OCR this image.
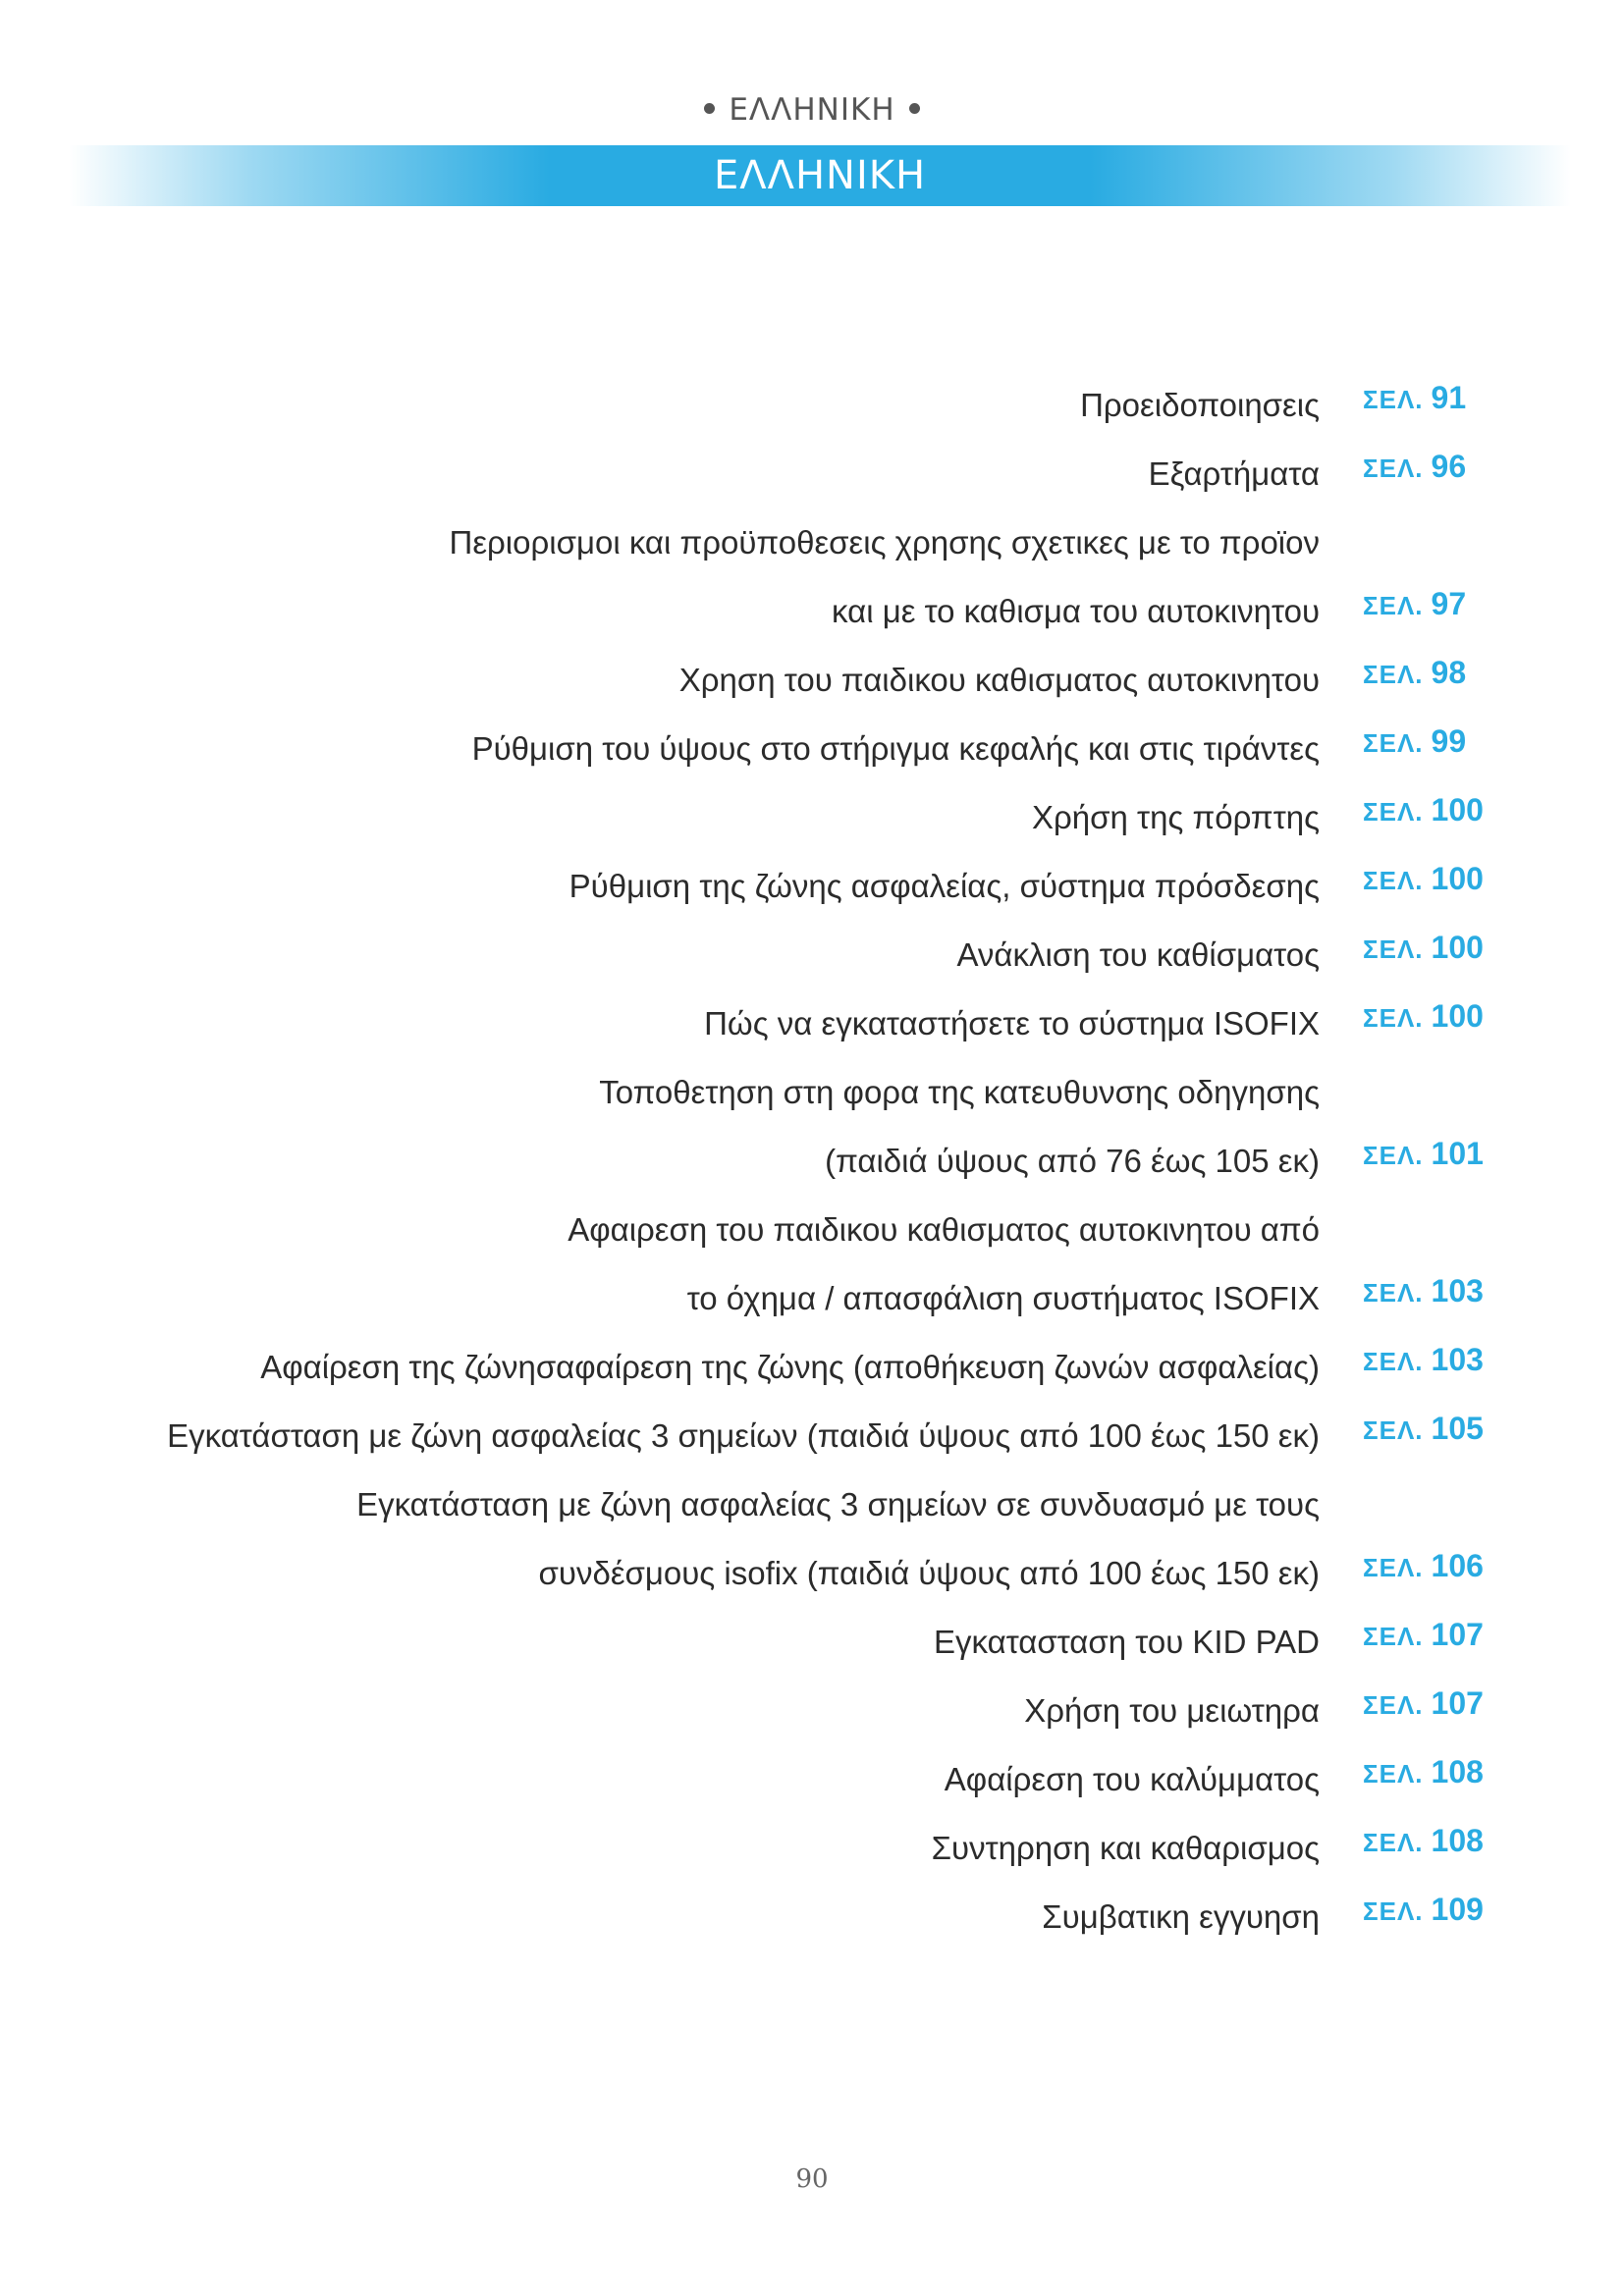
ΕΛΛΗΝΙΚΗ
ΕΛΛΗΝΙΚΗ
Προειδοποιησεις ΣΕΛ. 91
Εξαρτήματα ΣΕΛ. 96
Περιορισμοι και προϋποθεσεις χρησης σχετικες με το προϊον
και με το καθισμα του αυτοκινητου ΣΕΛ. 97
Χρηση του παιδικου καθισματος αυτοκινητου ΣΕΛ. 98
Ρύθμιση του ύψους στο στήριγμα κεφαλής και στις τιράντες ΣΕΛ. 99
Χρήση της πόρπτης ΣΕΛ. 100
Ρύθμιση της ζώνης ασφαλείας, σύστημα πρόσδεσης ΣΕΛ. 100
Ανάκλιση του καθίσματος ΣΕΛ. 100
Πώς να εγκαταστήσετε το σύστημα ISOFIX ΣΕΛ. 100
Τοποθετηση στη φορα της κατευθυνσης οδηγησης
(παιδιά ύψους από 76 έως 105 εκ) ΣΕΛ. 101
Αφαιρεση του παιδικου καθισματος αυτοκινητου από
το όχημα / απασφάλιση συστήματος ISOFIX ΣΕΛ. 103
Αφαίρεση της ζώνησαφαίρεση της ζώνης (αποθήκευση ζωνών ασφαλείας) ΣΕΛ. 103
Εγκατάσταση με ζώνη ασφαλείας 3 σημείων (παιδιά ύψους από 100 έως 150 εκ) ΣΕΛ. 105
Εγκατάσταση με ζώνη ασφαλείας 3 σημείων σε συνδυασμό με τους
συνδέσμους isofix (παιδιά ύψους από 100 έως 150 εκ) ΣΕΛ. 106
Εγκατασταση του KID PAD ΣΕΛ. 107
Χρήση του μειωτηρα ΣΕΛ. 107
Αφαίρεση του καλύμματος ΣΕΛ. 108
Συντηρηση και καθαρισμος ΣΕΛ. 108
Συμβατικη εγγυηση ΣΕΛ. 109
90
